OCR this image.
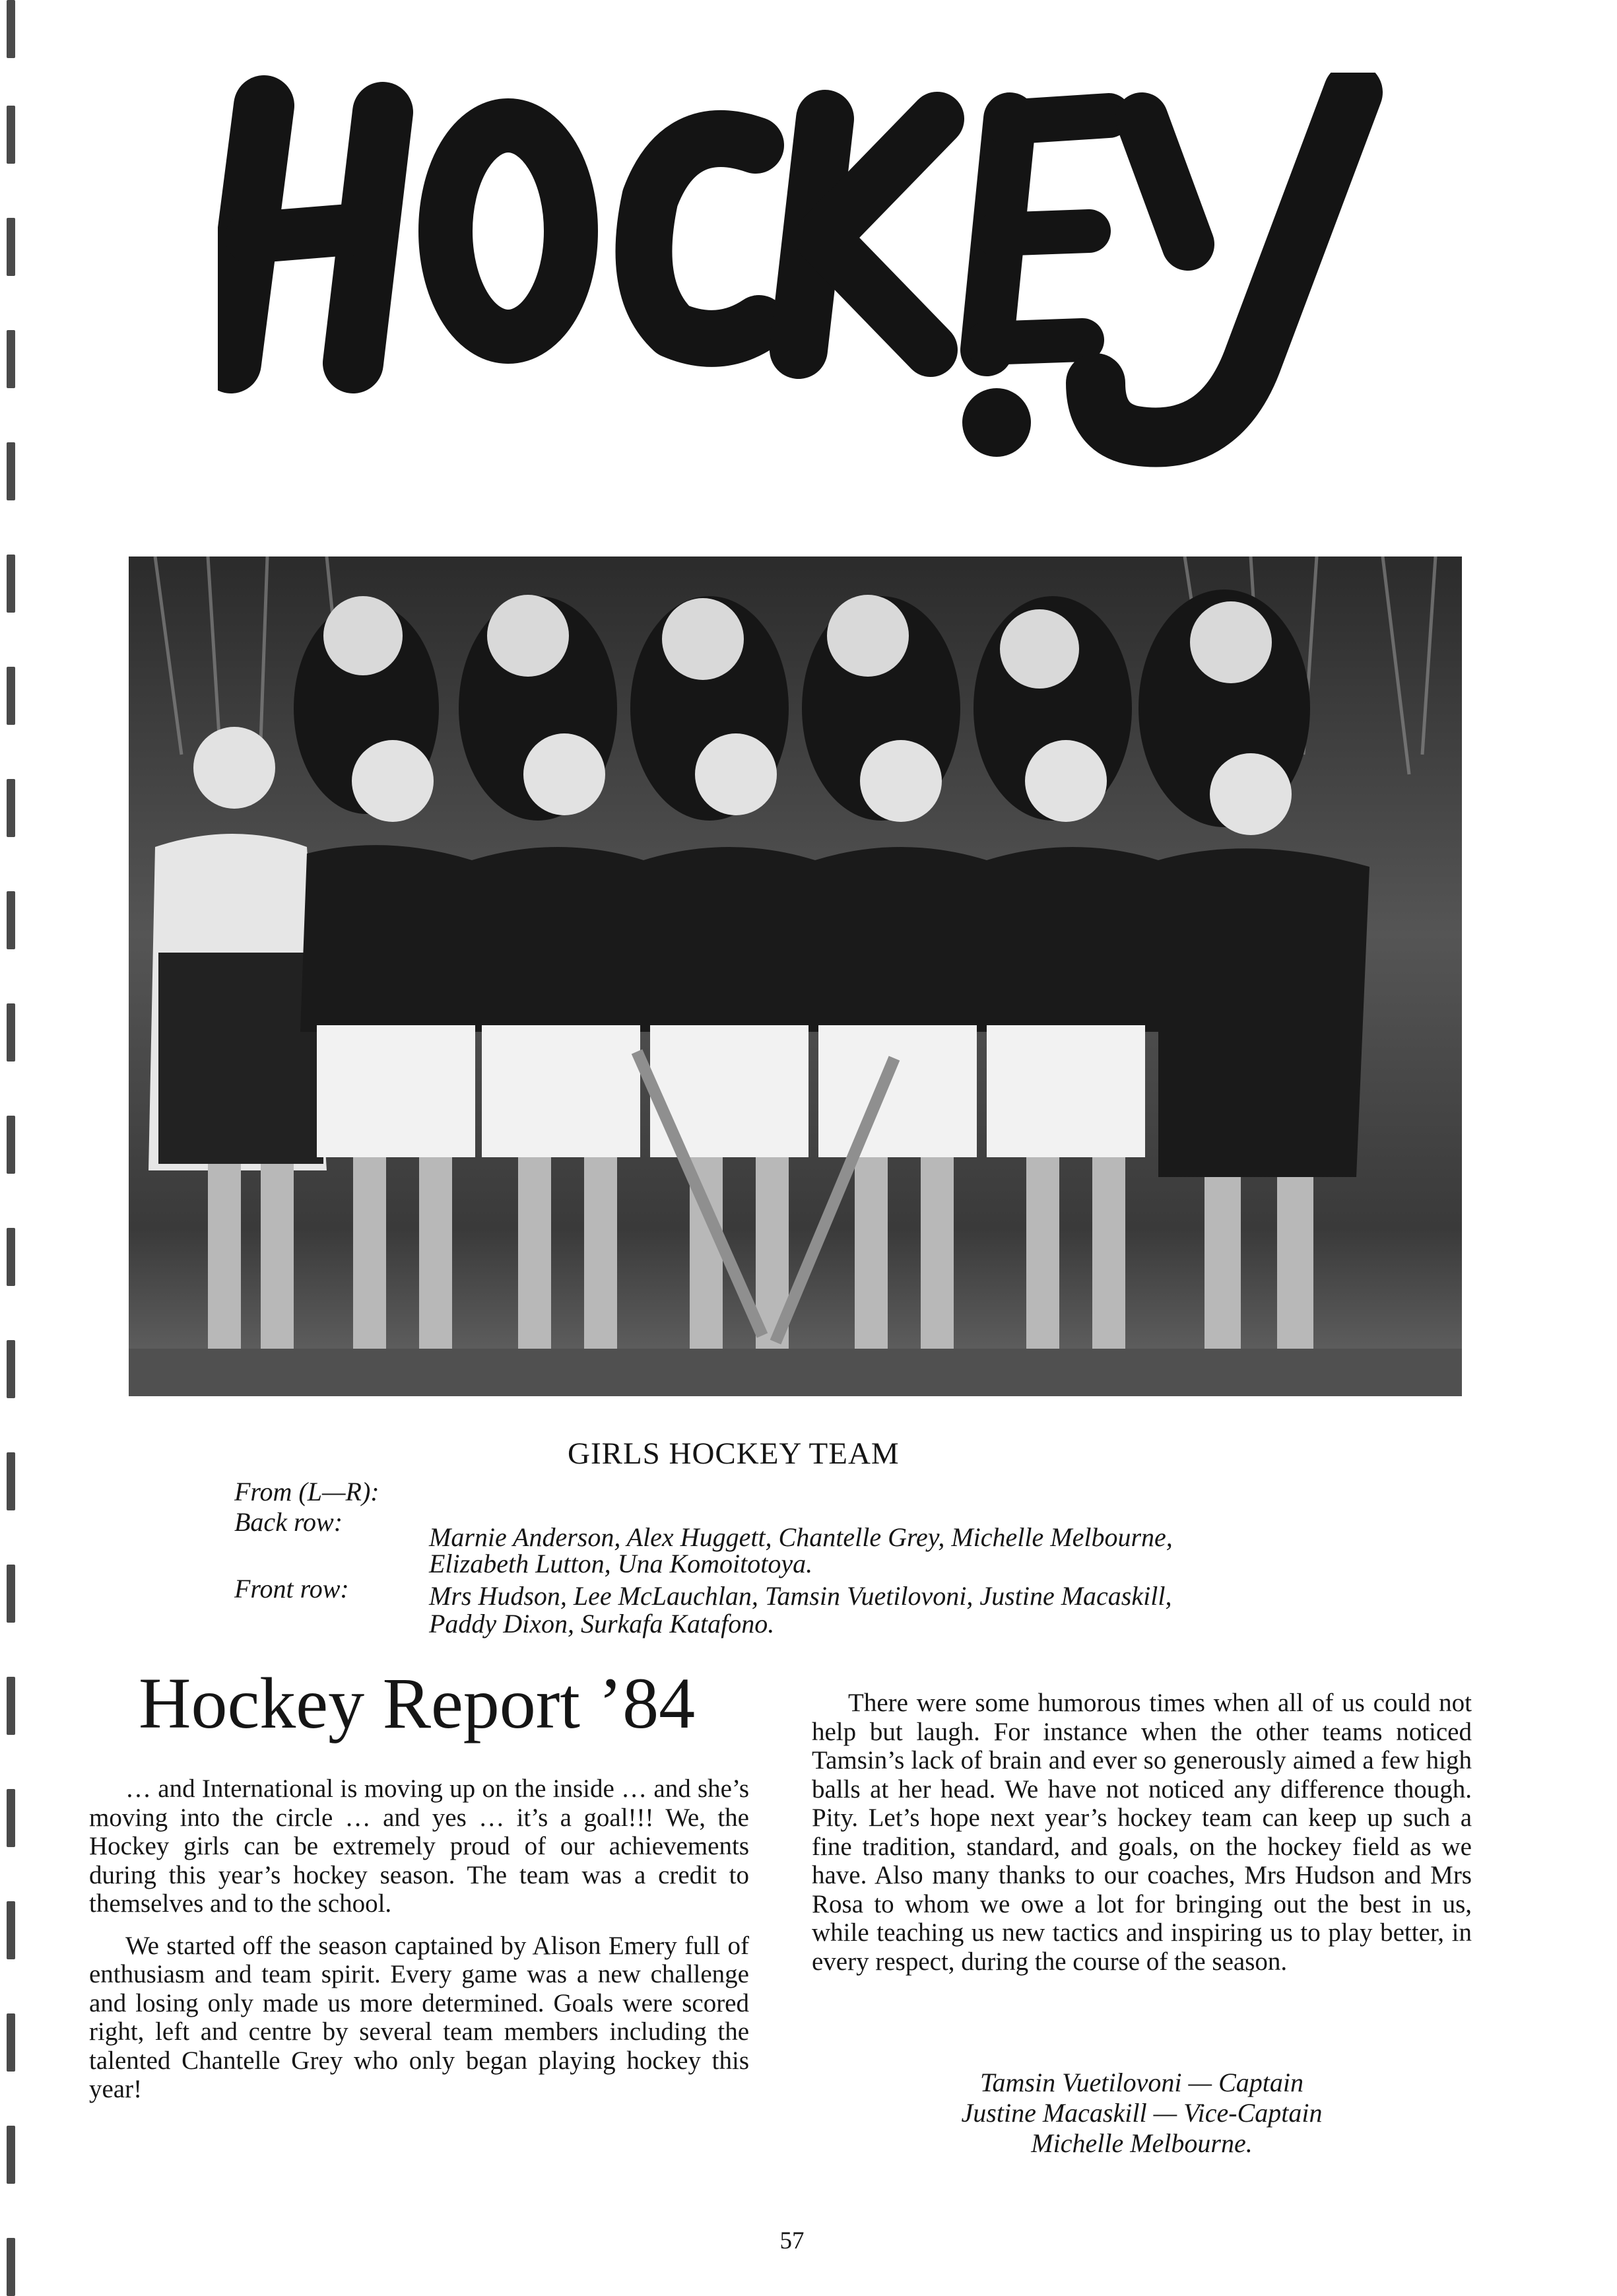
GIRLS HOCKEY TEAM
From (L—R):
Back row:
Marnie Anderson, Alex Huggett, Chantelle Grey, Michelle Melbourne,
Elizabeth Lutton, Una Komoitotoya.
Front row:	Mrs Hudson, Lee McLauchlan, Tamsin Vuetilovoni, Justine Macaskill,
Paddy Dixon, Surkafa Katafono.
Hockey Report ’84

… and International is moving up on the inside … and she’s moving into the circle … and yes … it’s a goal!!! We, the Hockey girls can be extremely proud of our achievements during this year’s hockey season. The team was a credit to themselves and to the school.

We started off the season captained by Alison Emery full of enthusiasm and team spirit. Every game was a new challenge and losing only made us more determined. Goals were scored right, left and centre by several team members including the talented Chantelle Grey who only began playing hockey this year!

There were some humorous times when all of us could not help but laugh. For instance when the other teams noticed Tamsin’s lack of brain and ever so generously aimed a few high balls at her head. We have not noticed any difference though. Pity. Let’s hope next year’s hockey team can keep up such a fine tradition, standard, and goals, on the hockey field as we have. Also many thanks to our coaches, Mrs Hudson and Mrs Rosa to whom we owe a lot for bringing out the best in us, while teaching us new tactics and inspiring us to play better, in every respect, during the course of the season.

Tamsin Vuetilovoni — Captain
Justine Macaskill — Vice-Captain
Michelle Melbourne.
57
